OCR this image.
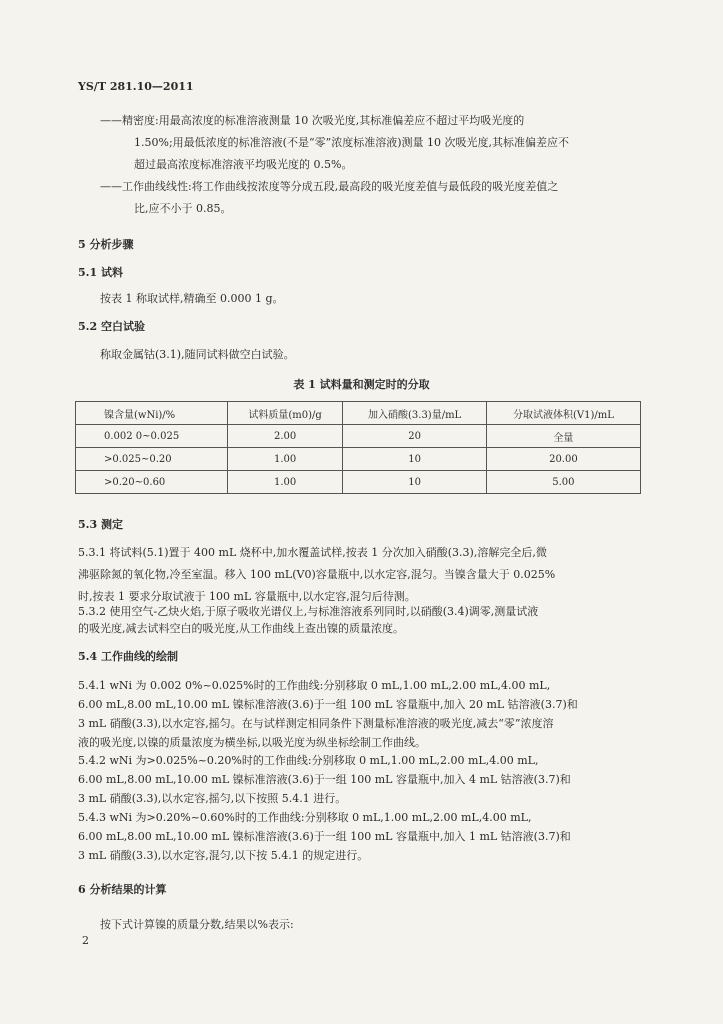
YS/T 281.10—2011
——精密度:用最高浓度的标准溶液测量 10 次吸光度,其标准偏差应不超过平均吸光度的
1.50%;用最低浓度的标准溶液(不是“零”浓度标准溶液)测量 10 次吸光度,其标准偏差应不
超过最高浓度标准溶液平均吸光度的 0.5%。
——工作曲线线性:将工作曲线按浓度等分成五段,最高段的吸光度差值与最低段的吸光度差值之
比,应不小于 0.85。
5 分析步骤
5.1 试料
按表 1 称取试样,精确至 0.000 1 g。
5.2 空白试验
称取金属钴(3.1),随同试料做空白试验。
表 1 试料量和测定时的分取
镍含量(wNi)/%	试料质量(m0)/g	加入硝酸(3.3)量/mL	分取试液体积(V1)/mL
0.002 0~0.025	2.00	20	全量
>0.025~0.20	1.00	10	20.00
>0.20~0.60	1.00	10	5.00
5.3 测定
5.3.1 将试料(5.1)置于 400 mL 烧杯中,加水覆盖试样,按表 1 分次加入硝酸(3.3),溶解完全后,微
沸驱除氮的氧化物,冷至室温。移入 100 mL(V0)容量瓶中,以水定容,混匀。当镍含量大于 0.025%
时,按表 1 要求分取试液于 100 mL 容量瓶中,以水定容,混匀后待测。
5.3.2 使用空气-乙炔火焰,于原子吸收光谱仪上,与标准溶液系列同时,以硝酸(3.4)调零,测量试液
的吸光度,减去试料空白的吸光度,从工作曲线上查出镍的质量浓度。
5.4 工作曲线的绘制
5.4.1 wNi 为 0.002 0%~0.025%时的工作曲线:分别移取 0 mL,1.00 mL,2.00 mL,4.00 mL,
6.00 mL,8.00 mL,10.00 mL 镍标准溶液(3.6)于一组 100 mL 容量瓶中,加入 20 mL 钴溶液(3.7)和
3 mL 硝酸(3.3),以水定容,摇匀。在与试样测定相同条件下测量标准溶液的吸光度,减去“零”浓度溶
液的吸光度,以镍的质量浓度为横坐标,以吸光度为纵坐标绘制工作曲线。
5.4.2 wNi 为>0.025%~0.20%时的工作曲线:分别移取 0 mL,1.00 mL,2.00 mL,4.00 mL,
6.00 mL,8.00 mL,10.00 mL 镍标准溶液(3.6)于一组 100 mL 容量瓶中,加入 4 mL 钴溶液(3.7)和
3 mL 硝酸(3.3),以水定容,摇匀,以下按照 5.4.1 进行。
5.4.3 wNi 为>0.20%~0.60%时的工作曲线:分别移取 0 mL,1.00 mL,2.00 mL,4.00 mL,
6.00 mL,8.00 mL,10.00 mL 镍标准溶液(3.6)于一组 100 mL 容量瓶中,加入 1 mL 钴溶液(3.7)和
3 mL 硝酸(3.3),以水定容,混匀,以下按 5.4.1 的规定进行。
6 分析结果的计算
按下式计算镍的质量分数,结果以%表示:
2
